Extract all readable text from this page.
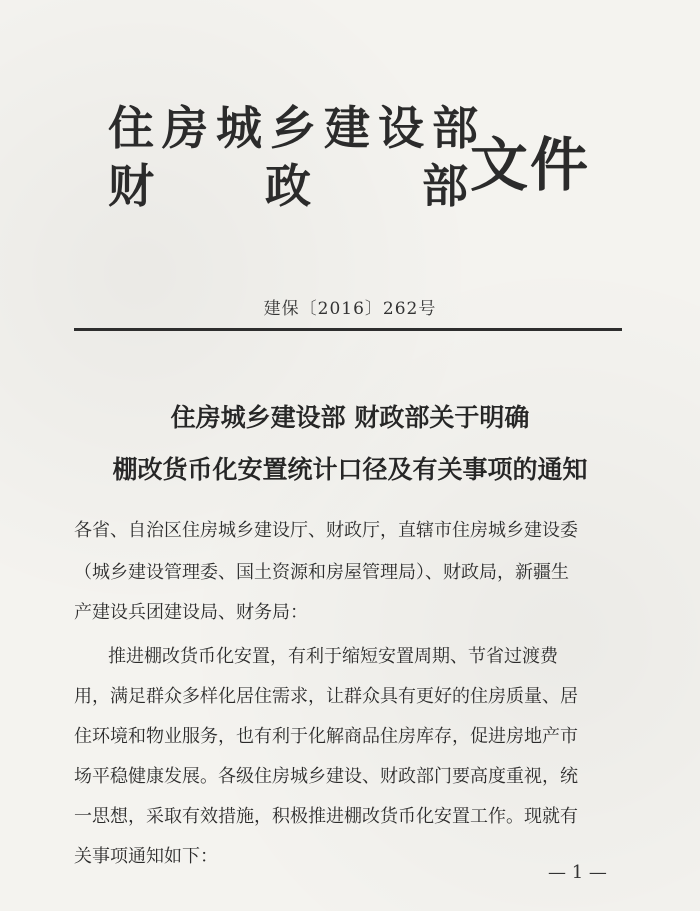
住房城乡建设部
财 政 部 文件
建保〔2016〕262号
住房城乡建设部 财政部关于明确
棚改货币化安置统计口径及有关事项的通知
各省、自治区住房城乡建设厅、财政厅，直辖市住房城乡建设委
（城乡建设管理委、国土资源和房屋管理局）、财政局，新疆生
产建设兵团建设局、财务局：
推进棚改货币化安置，有利于缩短安置周期、节省过渡费
用，满足群众多样化居住需求，让群众具有更好的住房质量、居
住环境和物业服务，也有利于化解商品住房库存，促进房地产市
场平稳健康发展。各级住房城乡建设、财政部门要高度重视，统
一思想，采取有效措施，积极推进棚改货币化安置工作。现就有
关事项通知如下：
— 1 —
